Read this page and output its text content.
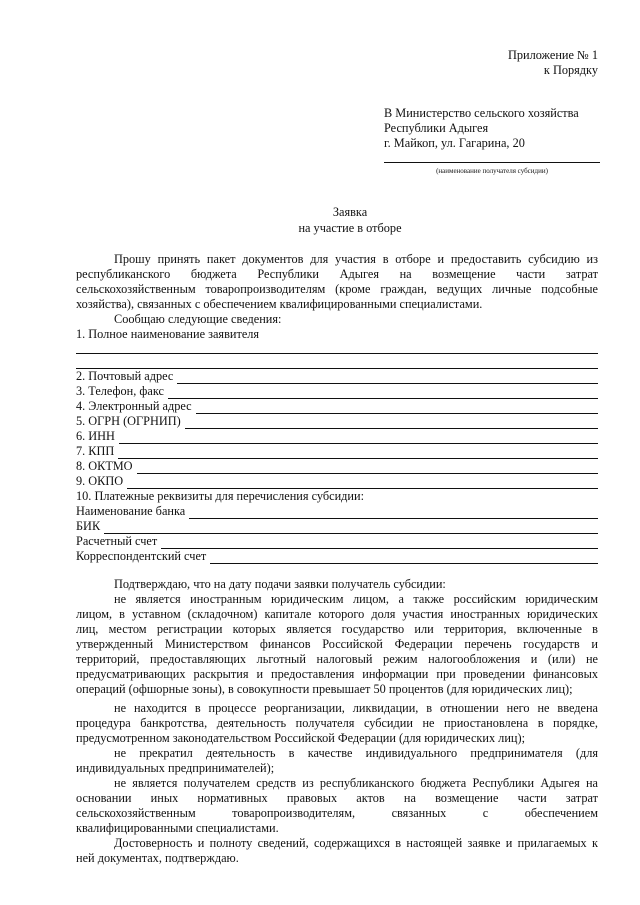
Приложение № 1
к Порядку
В Министерство сельского хозяйства
Республики Адыгея
г. Майкоп, ул. Гагарина, 20
(наименование получателя субсидии)
Заявка
на участие в отборе
Прошу принять пакет документов для участия в отборе и предоставить субсидию из
республиканского бюджета Республики Адыгея на возмещение части затрат
сельскохозяйственным товаропроизводителям (кроме граждан, ведущих личные подсобные
хозяйства), связанных с обеспечением квалифицированными специалистами.
Сообщаю следующие сведения:
1. Полное наименование заявителя
2. Почтовый адрес
3. Телефон, факс
4. Электронный адрес
5. ОГРН (ОГРНИП)
6. ИНН
7. КПП
8. ОКТМО
9. ОКПО
10. Платежные реквизиты для перечисления субсидии:
Наименование банка
БИК
Расчетный счет
Корреспондентский счет
Подтверждаю, что на дату подачи заявки получатель субсидии:
не является иностранным юридическим лицом, а также российским юридическим
лицом, в уставном (складочном) капитале которого доля участия иностранных юридических
лиц, местом регистрации которых является государство или территория, включенные в
утвержденный Министерством финансов Российской Федерации перечень государств и
территорий, предоставляющих льготный налоговый режим налогообложения и (или) не
предусматривающих раскрытия и предоставления информации при проведении финансовых
операций (офшорные зоны), в совокупности превышает 50 процентов (для юридических лиц);
не находится в процессе реорганизации, ликвидации, в отношении него не введена
процедура банкротства, деятельность получателя субсидии не приостановлена в порядке,
предусмотренном законодательством Российской Федерации (для юридических лиц);
не прекратил деятельность в качестве индивидуального предпринимателя (для
индивидуальных предпринимателей);
не является получателем средств из республиканского бюджета Республики Адыгея на
основании иных нормативных правовых актов на возмещение части затрат
сельскохозяйственным товаропроизводителям, связанных с обеспечением
квалифицированными специалистами.
Достоверность и полноту сведений, содержащихся в настоящей заявке и прилагаемых к
ней документах, подтверждаю.
